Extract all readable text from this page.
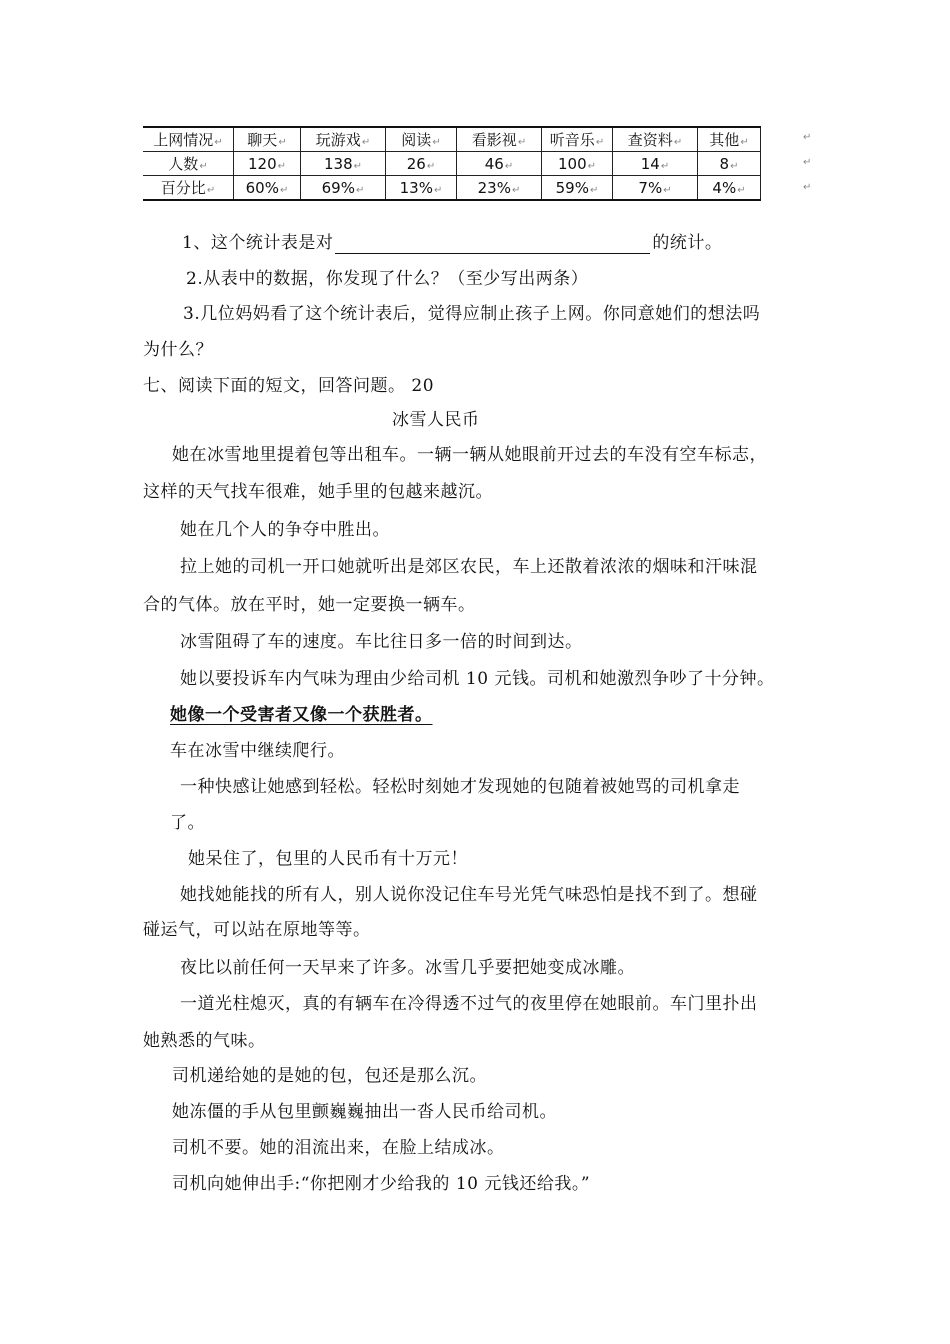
上网情况↵	聊天↵	玩游戏↵	阅读↵	看影视↵	听音乐↵	查资料↵	其他↵
人数↵	120↵	138↵	26↵	46↵	100↵	14↵	8↵
百分比↵	60%↵	69%↵	13%↵	23%↵	59%↵	7%↵	4%↵
↵
↵
↵
1、这个统计表是对	的统计。
2.从表中的数据，你发现了什么？（至少写出两条）
3.几位妈妈看了这个统计表后，觉得应制止孩子上网。你同意她们的想法吗
为什么？
七、阅读下面的短文，回答问题。 20
冰雪人民币
她在冰雪地里提着包等出租车。一辆一辆从她眼前开过去的车没有空车标志，
这样的天气找车很难，她手里的包越来越沉。
她在几个人的争夺中胜出。
拉上她的司机一开口她就听出是郊区农民，车上还散着浓浓的烟味和汗味混
合的气体。放在平时，她一定要换一辆车。
冰雪阻碍了车的速度。车比往日多一倍的时间到达。
她以要投诉车内气味为理由少给司机 10 元钱。司机和她激烈争吵了十分钟。
她像一个受害者又像一个获胜者。
车在冰雪中继续爬行。
一种快感让她感到轻松。轻松时刻她才发现她的包随着被她骂的司机拿走
了。
她呆住了，包里的人民币有十万元！
她找她能找的所有人，别人说你没记住车号光凭气味恐怕是找不到了。想碰
碰运气，可以站在原地等等。
夜比以前任何一天早来了许多。冰雪几乎要把她变成冰雕。
一道光柱熄灭，真的有辆车在冷得透不过气的夜里停在她眼前。车门里扑出
她熟悉的气味。
司机递给她的是她的包，包还是那么沉。
她冻僵的手从包里颤巍巍抽出一沓人民币给司机。
司机不要。她的泪流出来，在脸上结成冰。
司机向她伸出手:“你把刚才少给我的 10 元钱还给我。”
